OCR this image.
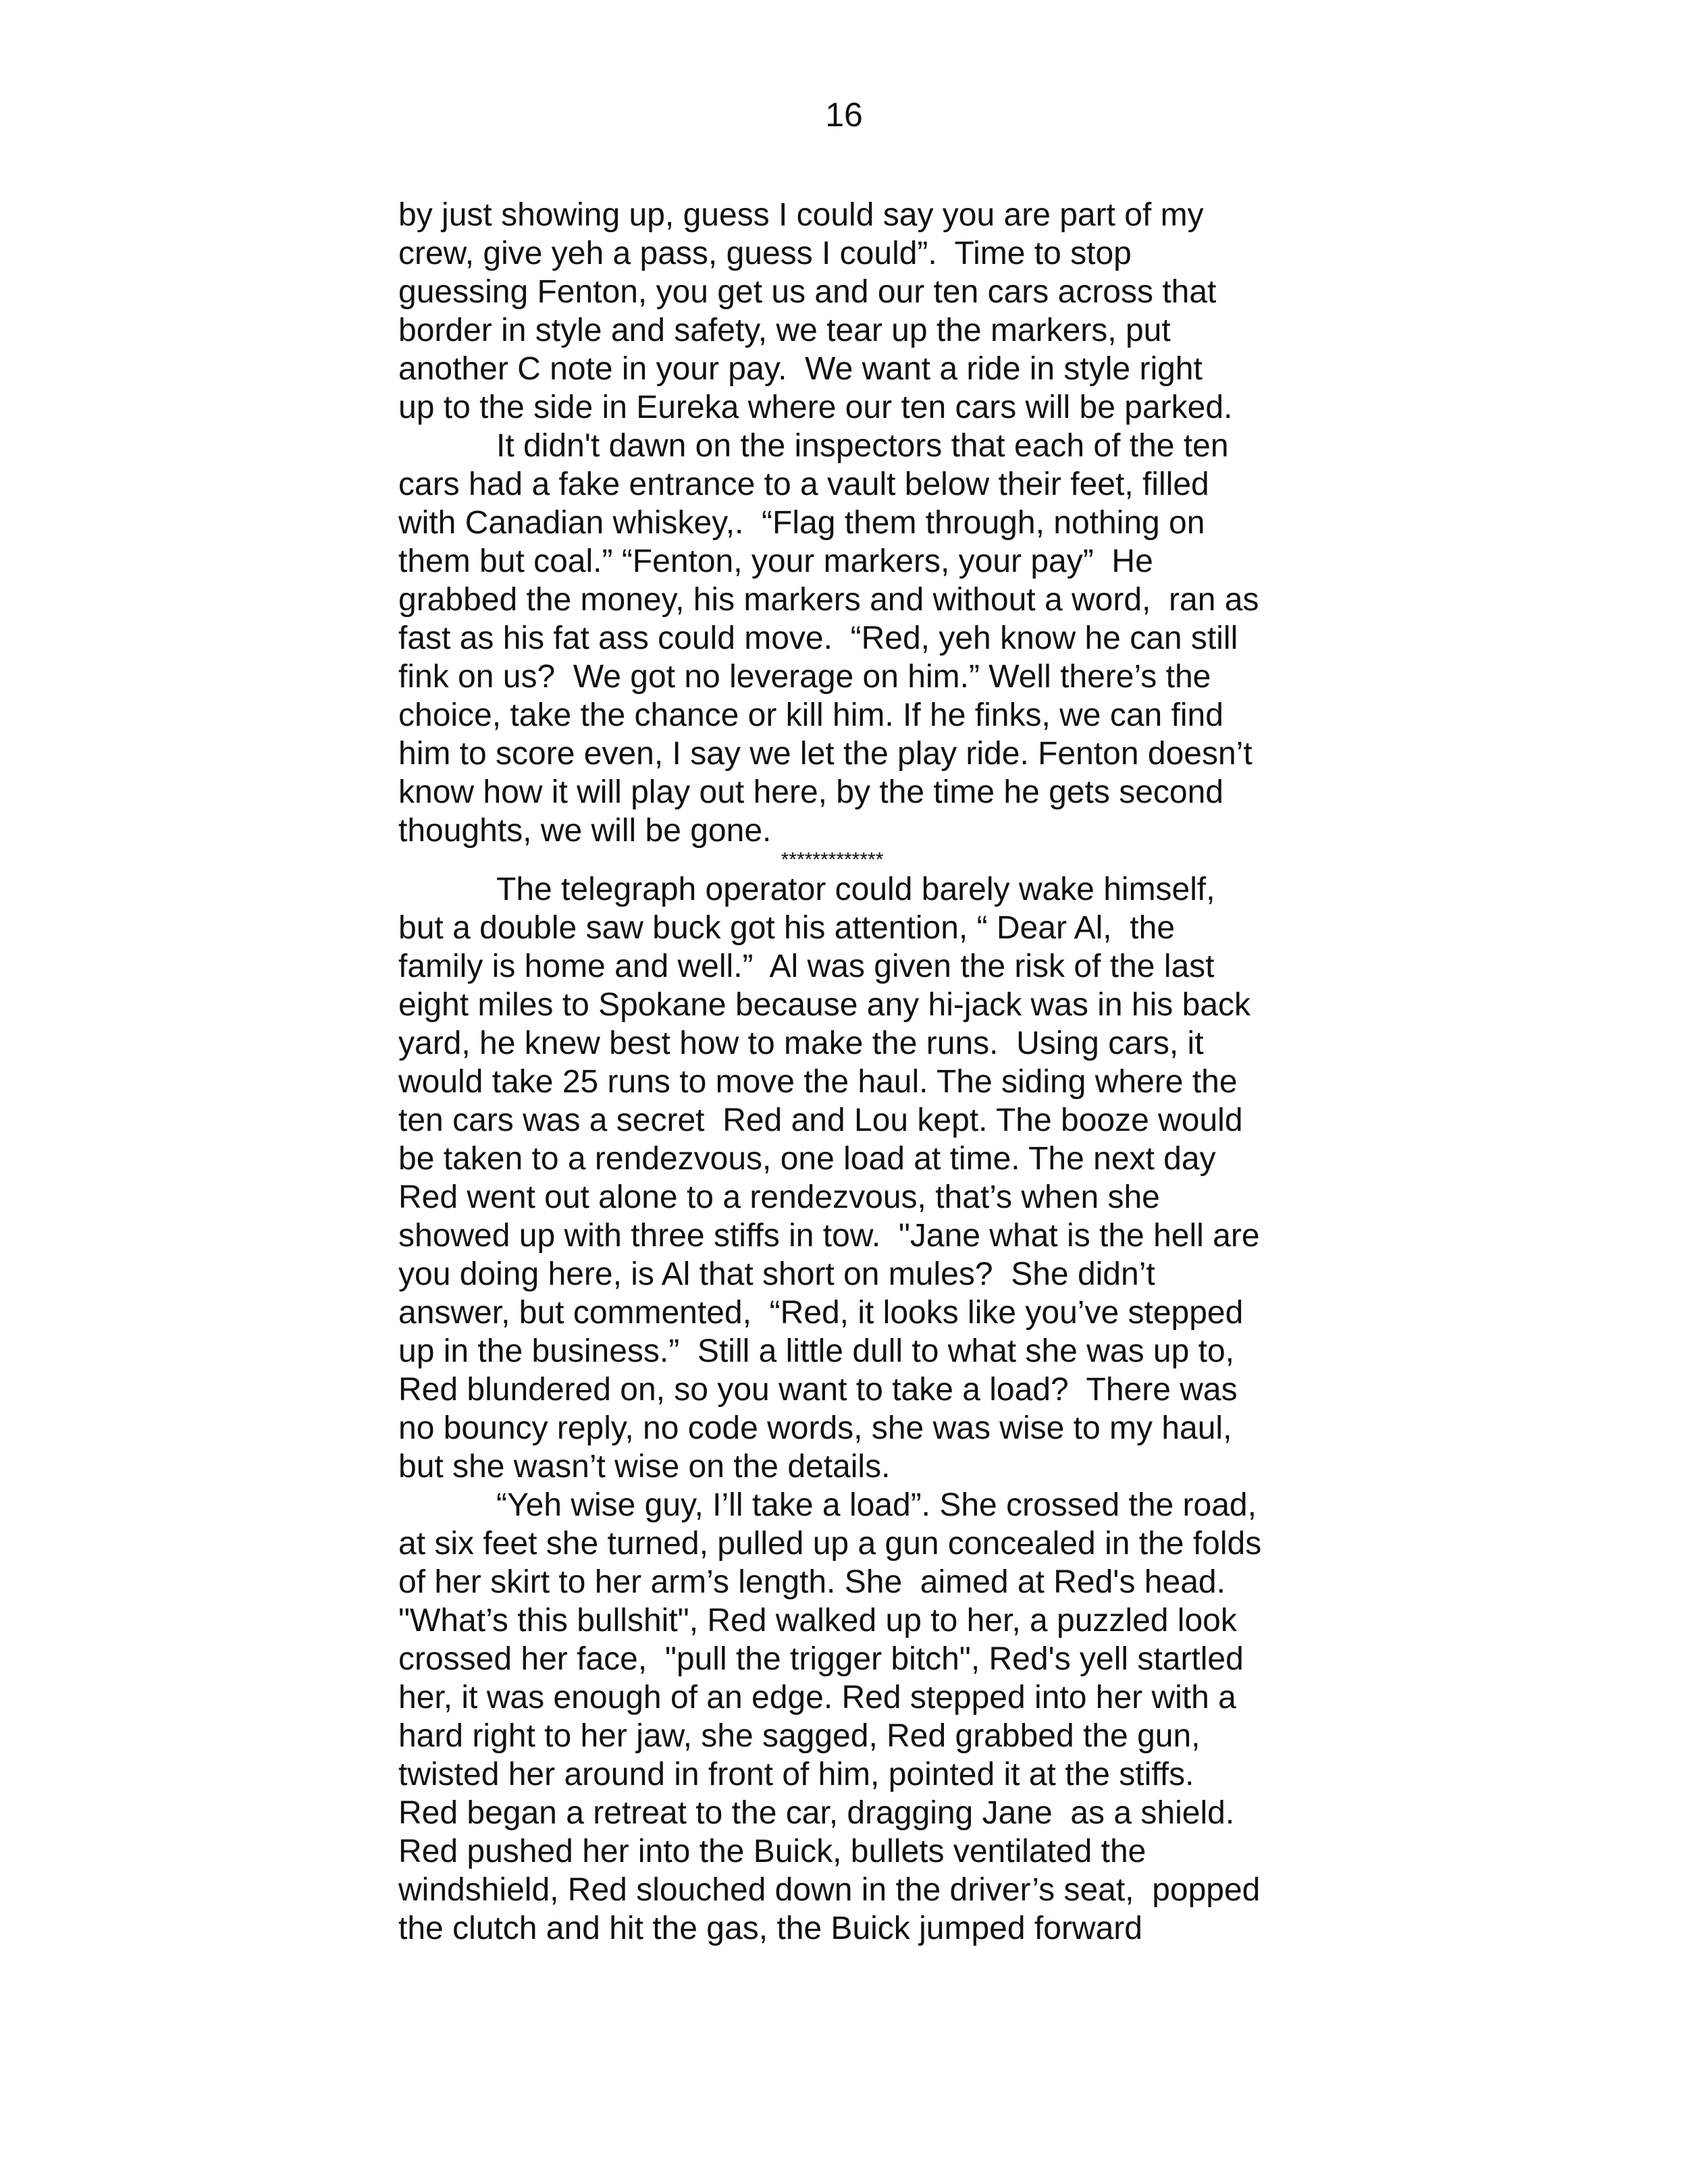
16
by just showing up, guess I could say you are part of my
crew, give yeh a pass, guess I could”.  Time to stop
guessing Fenton, you get us and our ten cars across that
border in style and safety, we tear up the markers, put
another C note in your pay.  We want a ride in style right
up to the side in Eureka where our ten cars will be parked.
It didn't dawn on the inspectors that each of the ten
cars had a fake entrance to a vault below their feet, filled
with Canadian whiskey,.  “Flag them through, nothing on
them but coal.” “Fenton, your markers, your pay”  He
grabbed the money, his markers and without a word,  ran as
fast as his fat ass could move.  “Red, yeh know he can still
fink on us?  We got no leverage on him.” Well there’s the
choice, take the chance or kill him. If he finks, we can find
him to score even, I say we let the play ride. Fenton doesn’t
know how it will play out here, by the time he gets second
thoughts, we will be gone.
*************
The telegraph operator could barely wake himself,
but a double saw buck got his attention, “ Dear Al,  the
family is home and well.”  Al was given the risk of the last
eight miles to Spokane because any hi-jack was in his back
yard, he knew best how to make the runs.  Using cars, it
would take 25 runs to move the haul. The siding where the
ten cars was a secret  Red and Lou kept. The booze would
be taken to a rendezvous, one load at time. The next day
Red went out alone to a rendezvous, that’s when she
showed up with three stiffs in tow.  "Jane what is the hell are
you doing here, is Al that short on mules?  She didn’t
answer, but commented,  “Red, it looks like you’ve stepped
up in the business.”  Still a little dull to what she was up to,
Red blundered on, so you want to take a load?  There was
no bouncy reply, no code words, she was wise to my haul,
but she wasn’t wise on the details.
“Yeh wise guy, I’ll take a load”. She crossed the road,
at six feet she turned, pulled up a gun concealed in the folds
of her skirt to her arm’s length. She  aimed at Red's head.
"What’s this bullshit", Red walked up to her, a puzzled look
crossed her face,  "pull the trigger bitch", Red's yell startled
her, it was enough of an edge. Red stepped into her with a
hard right to her jaw, she sagged, Red grabbed the gun,
twisted her around in front of him, pointed it at the stiffs.
Red began a retreat to the car, dragging Jane  as a shield.
Red pushed her into the Buick, bullets ventilated the
windshield, Red slouched down in the driver’s seat,  popped
the clutch and hit the gas, the Buick jumped forward
